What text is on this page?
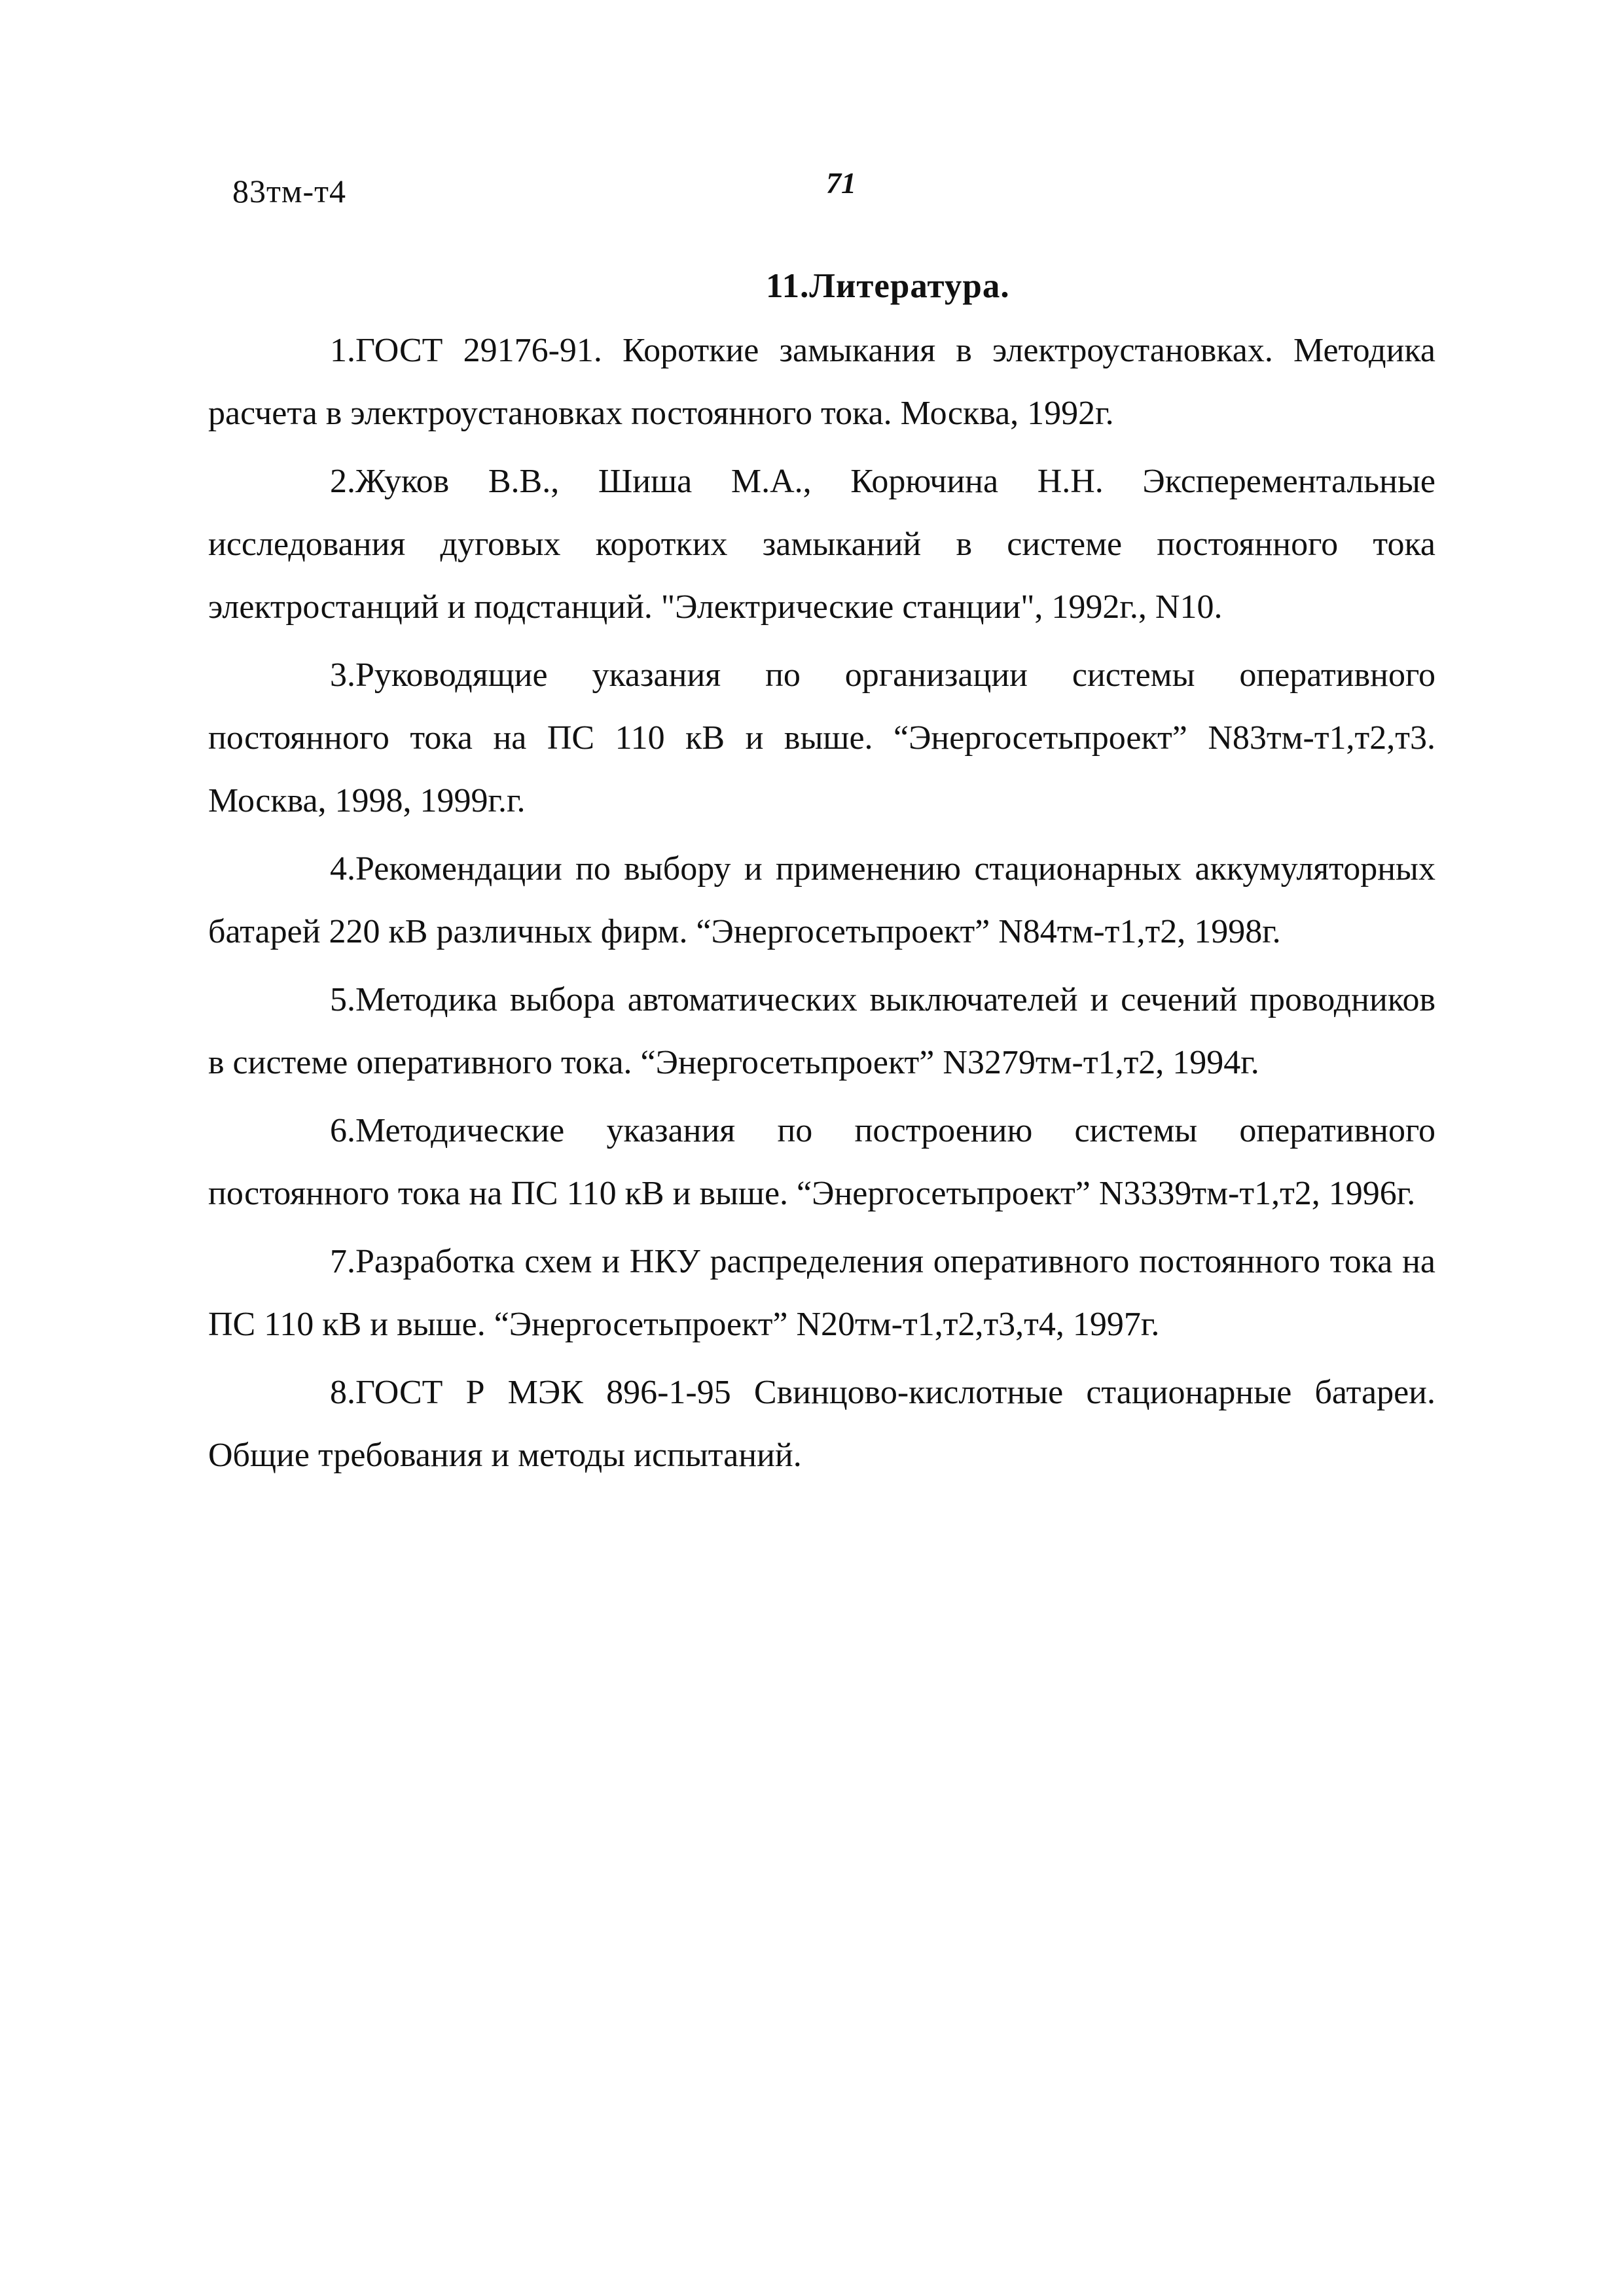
83тм-т4	71
11.Литература.
1.ГОСТ 29176-91. Короткие замыкания в электроустановках. Методика расчета в электроустановках постоянного тока. Москва, 1992г.
2.Жуков В.В., Шиша М.А., Корючина Н.Н. Эксперементальные исследования дуговых коротких замыканий в системе постоянного тока электростанций и подстанций. "Электрические станции", 1992г., N10.
3.Руководящие указания по организации системы оперативного постоянного тока на ПС 110 кВ и выше. “Энергосетьпроект” N83тм-т1,т2,т3. Москва, 1998, 1999г.г.
4.Рекомендации по выбору и применению стационарных аккумуляторных батарей 220 кВ различных фирм. “Энергосетьпроект” N84тм-т1,т2, 1998г.
5.Методика выбора автоматических выключателей и сечений проводников в системе оперативного тока. “Энергосетьпроект” N3279тм-т1,т2, 1994г.
6.Методические указания по построению системы оперативного постоянного тока на ПС 110 кВ и выше. “Энергосетьпроект” N3339тм-т1,т2, 1996г.
7.Разработка схем и НКУ распределения оперативного постоянного тока на ПС 110 кВ и выше. “Энергосетьпроект” N20тм-т1,т2,т3,т4, 1997г.
8.ГОСТ Р МЭК 896-1-95 Свинцово-кислотные стационарные батареи. Общие требования и методы испытаний.
